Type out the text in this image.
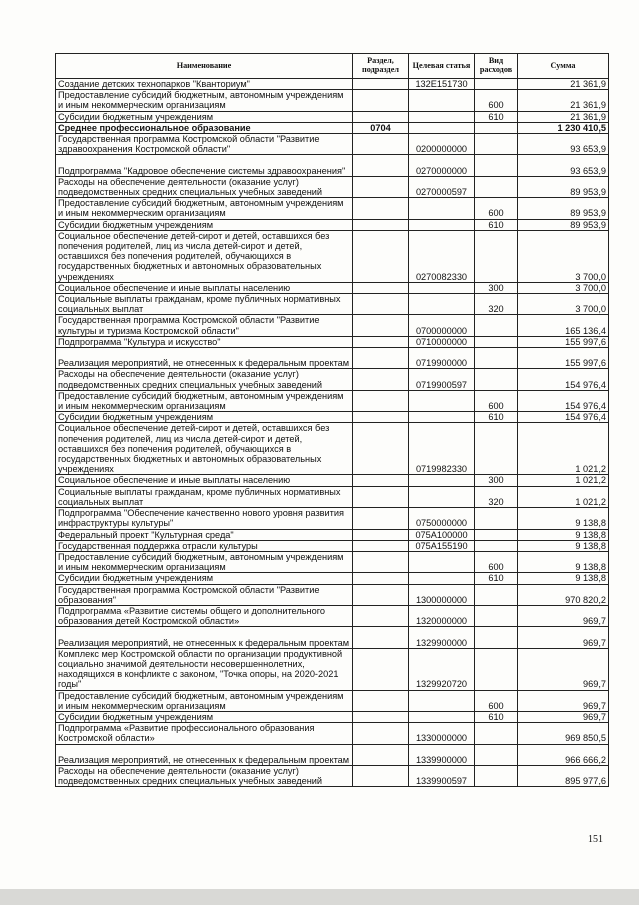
Наименование	Раздел, подраздел	Целевая статья	Вид расходов	Сумма
Создание детских технопарков "Кванториум"		132E151730		21 361,9
Предоставление субсидий бюджетным, автономным учреждениям и иным некоммерческим организациям			600	21 361,9
Субсидии бюджетным учреждениям			610	21 361,9
Среднее профессиональное образование	0704			1 230 410,5
Государственная программа Костромской области "Развитие здравоохранения Костромской области"		0200000000		93 653,9
Подпрограмма "Кадровое обеспечение системы здравоохранения"		0270000000		93 653,9
Расходы на обеспечение деятельности (оказание услуг) подведомственных средних специальных учебных заведений		0270000597		89 953,9
Предоставление субсидий бюджетным, автономным учреждениям и иным некоммерческим организациям			600	89 953,9
Субсидии бюджетным учреждениям			610	89 953,9
Социальное обеспечение детей-сирот и детей, оставшихся без попечения родителей, лиц из числа детей-сирот и детей, оставшихся без попечения родителей, обучающихся в государственных бюджетных и автономных образовательных учреждениях		0270082330		3 700,0
Социальное обеспечение и иные выплаты населению			300	3 700,0
Социальные выплаты гражданам, кроме публичных нормативных социальных выплат			320	3 700,0
Государственная программа Костромской области "Развитие культуры и туризма Костромской области"		0700000000		165 136,4
Подпрограмма "Культура и искусство"		0710000000		155 997,6
Реализация мероприятий, не отнесенных к федеральным проектам		0719900000		155 997,6
Расходы на обеспечение деятельности (оказание услуг) подведомственных средних специальных учебных заведений		0719900597		154 976,4
Предоставление субсидий бюджетным, автономным учреждениям и иным некоммерческим организациям			600	154 976,4
Субсидии бюджетным учреждениям			610	154 976,4
Социальное обеспечение детей-сирот и детей, оставшихся без попечения родителей, лиц из числа детей-сирот и детей, оставшихся без попечения родителей, обучающихся в государственных бюджетных и автономных образовательных учреждениях		0719982330		1 021,2
Социальное обеспечение и иные выплаты населению			300	1 021,2
Социальные выплаты гражданам, кроме публичных нормативных социальных выплат			320	1 021,2
Подпрограмма "Обеспечение качественно нового уровня развития инфраструктуры культуры"		0750000000		9 138,8
Федеральный проект "Культурная среда"		075A100000		9 138,8
Государственная поддержка отрасли культуры		075A155190		9 138,8
Предоставление субсидий бюджетным, автономным учреждениям и иным некоммерческим организациям			600	9 138,8
Субсидии бюджетным учреждениям			610	9 138,8
Государственная программа Костромской области "Развитие образования"		1300000000		970 820,2
Подпрограмма «Развитие системы общего и дополнительного образования детей Костромской области»		1320000000		969,7
Реализация мероприятий, не отнесенных к федеральным проектам		1329900000		969,7
Комплекс мер Костромской области по организации продуктивной социально значимой деятельности несовершеннолетних, находящихся в конфликте с законом, "Точка опоры, на 2020-2021 годы"		1329920720		969,7
Предоставление субсидий бюджетным, автономным учреждениям и иным некоммерческим организациям			600	969,7
Субсидии бюджетным учреждениям			610	969,7
Подпрограмма «Развитие профессионального образования Костромской области»		1330000000		969 850,5
Реализация мероприятий, не отнесенных к федеральным проектам		1339900000		966 666,2
Расходы на обеспечение деятельности (оказание услуг) подведомственных средних специальных учебных заведений		1339900597		895 977,6
151
